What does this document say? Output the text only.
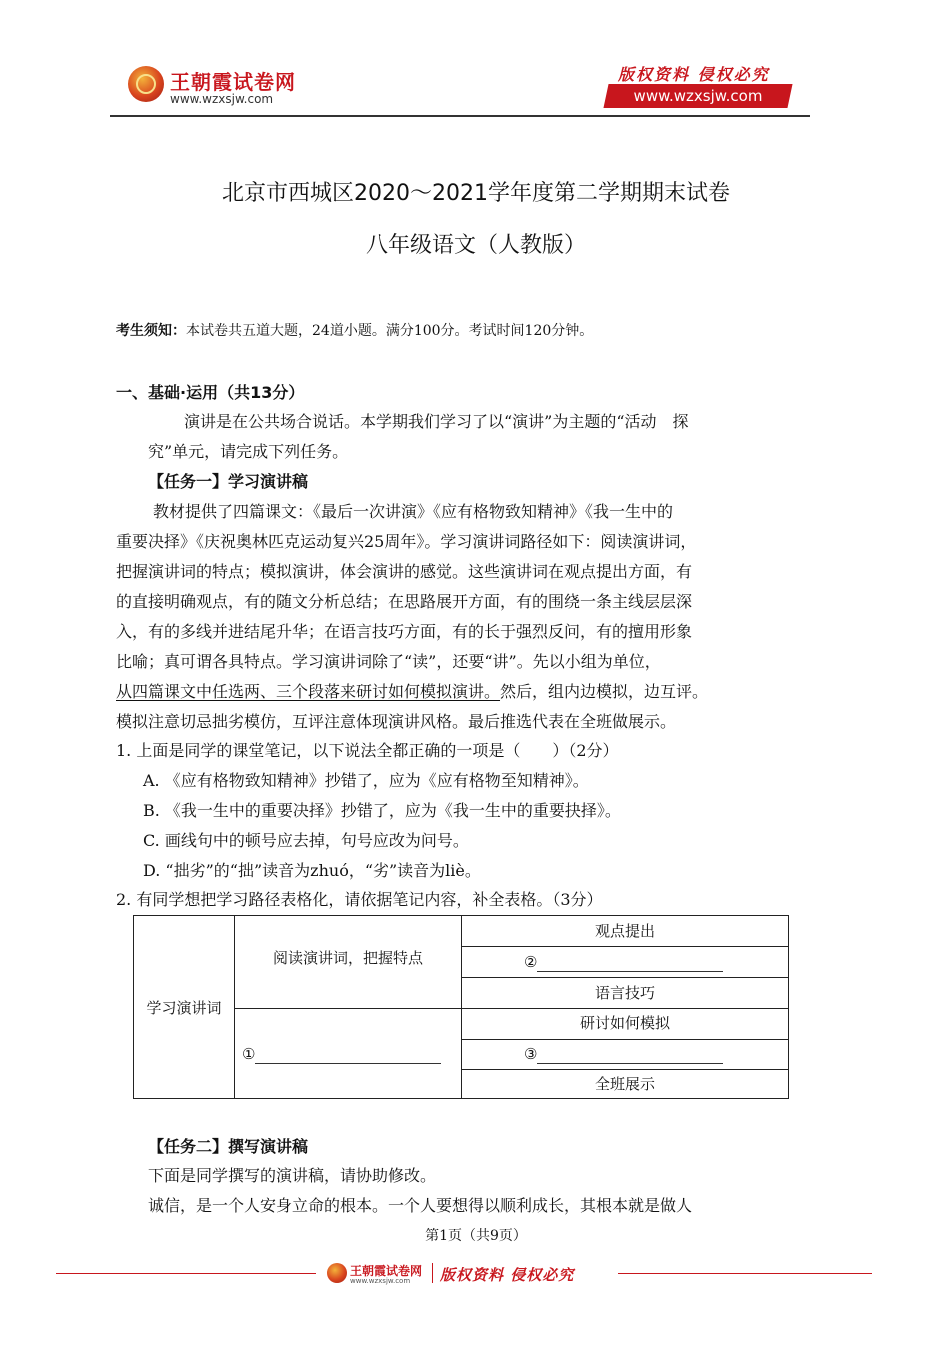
王朝霞试卷网
www.wzxsjw.com
版权资料 侵权必究
www.wzxsjw.com
北京市西城区2020～2021学年度第二学期期末试卷
八年级语文（人教版）
考生须知：本试卷共五道大题，24道小题。满分100分。考试时间120分钟。
一、基础·运用（共13分）
演讲是在公共场合说话。本学期我们学习了以“演讲”为主题的“活动　探
究”单元，请完成下列任务。
【任务一】学习演讲稿
教材提供了四篇课文：《最后一次讲演》《应有格物致知精神》《我一生中的
重要决择》《庆祝奥林匹克运动复兴25周年》。学习演讲词路径如下：阅读演讲词，
把握演讲词的特点；模拟演讲，体会演讲的感觉。这些演讲词在观点提出方面，有
的直接明确观点，有的随文分析总结；在思路展开方面，有的围绕一条主线层层深
入，有的多线并进结尾升华；在语言技巧方面，有的长于强烈反问，有的擅用形象
比喻；真可谓各具特点。学习演讲词除了“读”，还要“讲”。先以小组为单位，
从四篇课文中任选两、三个段落来研讨如何模拟演讲。然后，组内边模拟，边互评。
模拟注意切忌拙劣模仿，互评注意体现演讲风格。最后推选代表在全班做展示。
1. 上面是同学的课堂笔记，以下说法全都正确的一项是（　　）（2分）
A. 《应有格物致知精神》抄错了，应为《应有格物至知精神》。
B. 《我一生中的重要决择》抄错了，应为《我一生中的重要抉择》。
C. 画线句中的顿号应去掉，句号应改为问号。
D. “拙劣”的“拙”读音为zhuó，“劣”读音为liè。
2. 有同学想把学习路径表格化，请依据笔记内容，补全表格。（3分）
学习演讲词
阅读演讲词，把握特点
①
观点提出
②
语言技巧
研讨如何模拟
③
全班展示
【任务二】撰写演讲稿
下面是同学撰写的演讲稿，请协助修改。
诚信，是一个人安身立命的根本。一个人要想得以顺利成长，其根本就是做人
第1页（共9页）
王朝霞试卷网
www.wzxsjw.com 版权资料 侵权必究
